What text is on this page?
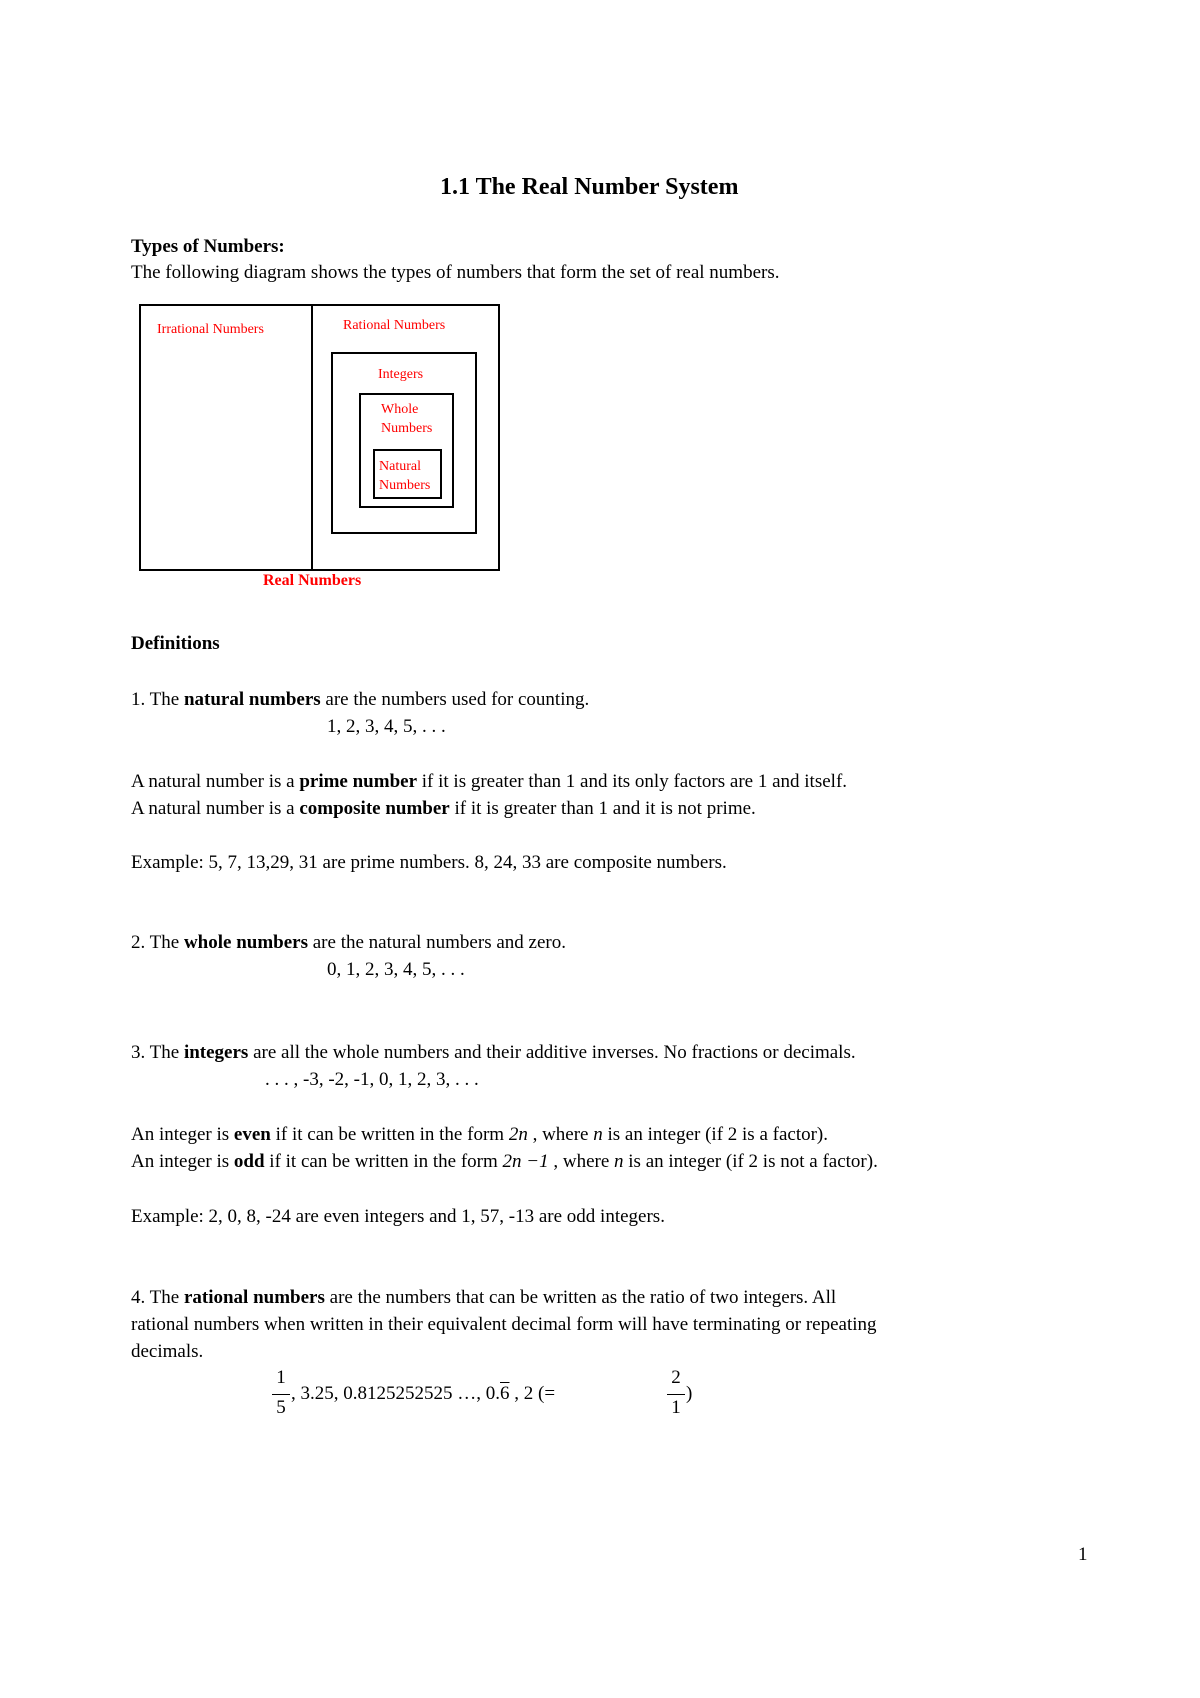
1.1 The Real Number System
Types of Numbers:
The following diagram shows the types of numbers that form the set of real numbers.
Irrational Numbers	Rational Numbers
Integers
Whole
Numbers
Natural
Numbers
Real Numbers
Definitions
1. The natural numbers are the numbers used for counting.
1, 2, 3, 4, 5, . . .
A natural number is a prime number if it is greater than 1 and its only factors are 1 and itself.
A natural number is a composite number if it is greater than 1 and it is not prime.
Example: 5, 7, 13,29, 31 are prime numbers. 8, 24, 33 are composite numbers.
2. The whole numbers are the natural numbers and zero.
0, 1, 2, 3, 4, 5, . . .
3. The integers are all the whole numbers and their additive inverses. No fractions or decimals.
. . . , -3, -2, -1, 0, 1, 2, 3, . . .
An integer is even if it can be written in the form 2n , where n is an integer (if 2 is a factor).
An integer is odd if it can be written in the form 2n −1 , where n is an integer (if 2 is not a factor).
Example: 2, 0, 8, -24 are even integers and 1, 57, -13 are odd integers.
4. The rational numbers are the numbers that can be written as the ratio of two integers. All
rational numbers when written in their equivalent decimal form will have terminating or repeating
decimals.
1
5
, 3.25, 0.8125252525 …, 0.6 , 2 (=
2
1
)
1
